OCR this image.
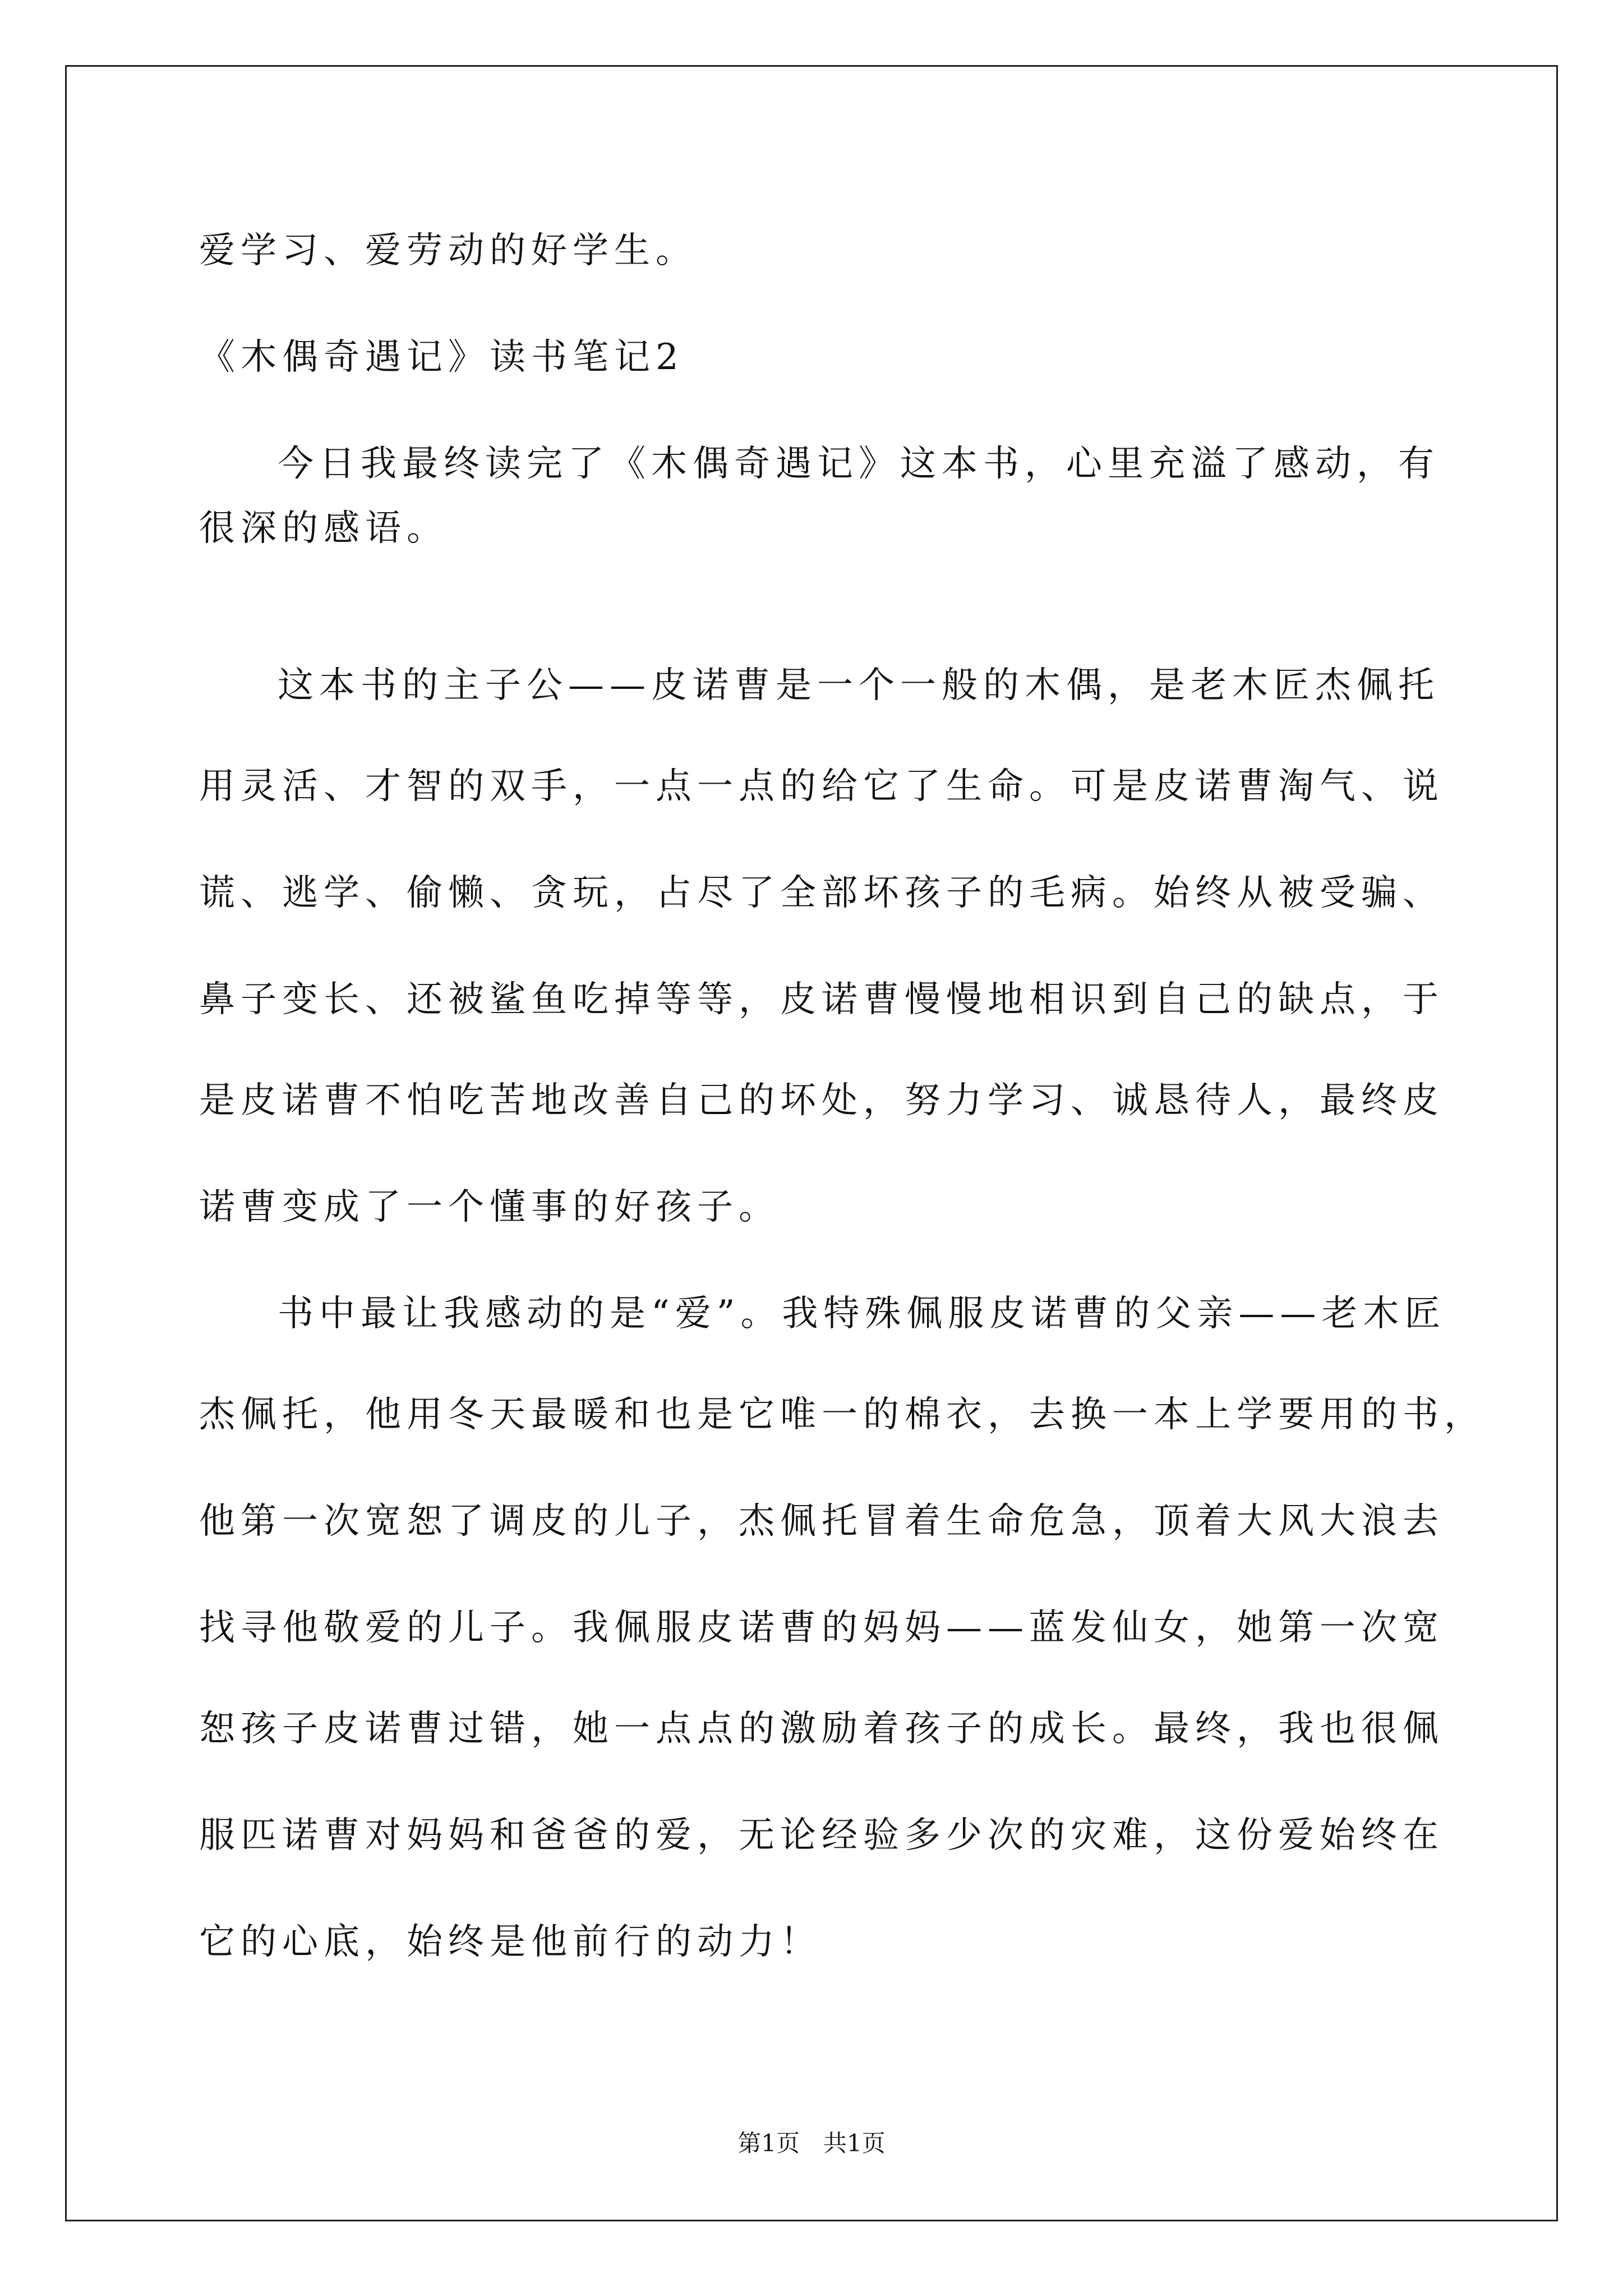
爱学习、爱劳动的好学生。
《木偶奇遇记》读书笔记2
今日我最终读完了《木偶奇遇记》这本书，心里充溢了感动，有
很深的感语。
这本书的主子公——皮诺曹是一个一般的木偶，是老木匠杰佩托
用灵活、才智的双手，一点一点的给它了生命。可是皮诺曹淘气、说
谎、逃学、偷懒、贪玩，占尽了全部坏孩子的毛病。始终从被受骗、
鼻子变长、还被鲨鱼吃掉等等，皮诺曹慢慢地相识到自己的缺点，于
是皮诺曹不怕吃苦地改善自己的坏处，努力学习、诚恳待人，最终皮
诺曹变成了一个懂事的好孩子。
书中最让我感动的是“爱”。我特殊佩服皮诺曹的父亲——老木匠
杰佩托，他用冬天最暖和也是它唯一的棉衣，去换一本上学要用的书，
他第一次宽恕了调皮的儿子，杰佩托冒着生命危急，顶着大风大浪去
找寻他敬爱的儿子。我佩服皮诺曹的妈妈——蓝发仙女，她第一次宽
恕孩子皮诺曹过错，她一点点的激励着孩子的成长。最终，我也很佩
服匹诺曹对妈妈和爸爸的爱，无论经验多少次的灾难，这份爱始终在
它的心底，始终是他前行的动力！
第1页　共1页
